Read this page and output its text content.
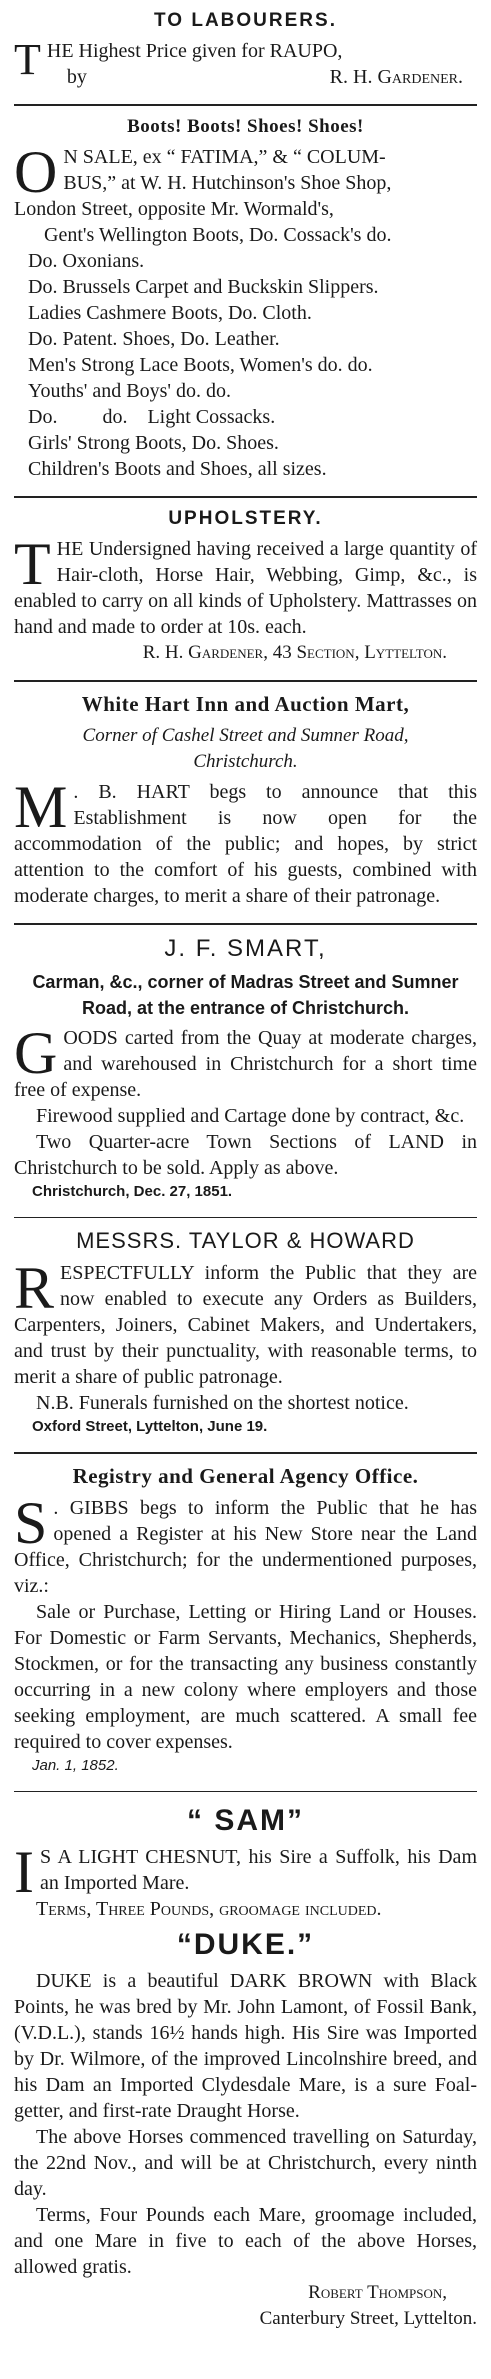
TO LABOURERS.

THE Highest Price given for RAUPO,

by	R. H. Gardener.
Boots! Boots! Shoes! Shoes!

O N SALE, ex “ FATIMA,” & “ COLUM-
BUS,” at W. H. Hutchinson's Shoe Shop,

London Street, opposite Mr. Wormald's,

Gent's Wellington Boots, Do. Cossack's do.
Do. Oxonians.
Do. Brussels Carpet and Buckskin Slippers.
Ladies Cashmere Boots, Do. Cloth.
Do. Patent. Shoes, Do. Leather.
Men's Strong Lace Boots, Women's do. do.
Youths' and Boys' do. do.
Do.         do.    Light Cossacks.
Girls' Strong Boots, Do. Shoes.
Children's Boots and Shoes, all sizes.
UPHOLSTERY.

THE Undersigned having received a large quantity of Hair-cloth, Horse Hair, Webbing, Gimp, &c., is enabled to carry on all kinds of Upholstery. Mattrasses on hand and made to order at 10s. each.

R. H. Gardener, 43 Section, Lyttelton.
White Hart Inn and Auction Mart,
Corner of Cashel Street and Sumner Road,
Christchurch.

M . B. HART begs to announce that this Establishment is now open for the accommodation of the public; and hopes, by strict attention to the comfort of his guests, combined with moderate charges, to merit a share of their patronage.

J. F. SMART,
Carman, &c., corner of Madras Street and Sumner
Road, at the entrance of Christchurch.

GOODS carted from the Quay at moderate charges, and warehoused in Christchurch for a short time free of expense.

Firewood supplied and Cartage done by contract, &c.

Two Quarter-acre Town Sections of LAND in Christchurch to be sold. Apply as above.

Christchurch, Dec. 27, 1851.
MESSRS. TAYLOR & HOWARD

RESPECTFULLY inform the Public that they are now enabled to execute any Orders as Builders, Carpenters, Joiners, Cabinet Makers, and Undertakers, and trust by their punctuality, with reasonable terms, to merit a share of public patronage.

N.B. Funerals furnished on the shortest notice.

Oxford Street, Lyttelton, June 19.
Registry and General Agency Office.

S . GIBBS begs to inform the Public that he has opened a Register at his New Store near the Land Office, Christchurch; for the undermentioned purposes, viz.:

Sale or Purchase, Letting or Hiring Land or Houses. For Domestic or Farm Servants, Mechanics, Shepherds, Stockmen, or for the transacting any business constantly occurring in a new colony where employers and those seeking employment, are much scattered. A small fee required to cover expenses.

Jan. 1, 1852.
“ SAM”

I S A LIGHT CHESNUT, his Sire a Suffolk, his Dam an Imported Mare.

Terms, Three Pounds, groomage included.

“DUKE.”

DUKE is a beautiful DARK BROWN with Black Points, he was bred by Mr. John Lamont, of Fossil Bank, (V.D.L.), stands 16½ hands high. His Sire was Imported by Dr. Wilmore, of the improved Lincolnshire breed, and his Dam an Imported Clydesdale Mare, is a sure Foal-getter, and first-rate Draught Horse.

The above Horses commenced travelling on Saturday, the 22nd Nov., and will be at Christchurch, every ninth day.

Terms, Four Pounds each Mare, groomage included, and one Mare in five to each of the above Horses, allowed gratis.

Robert Thompson,
Canterbury Street, Lyttelton.
